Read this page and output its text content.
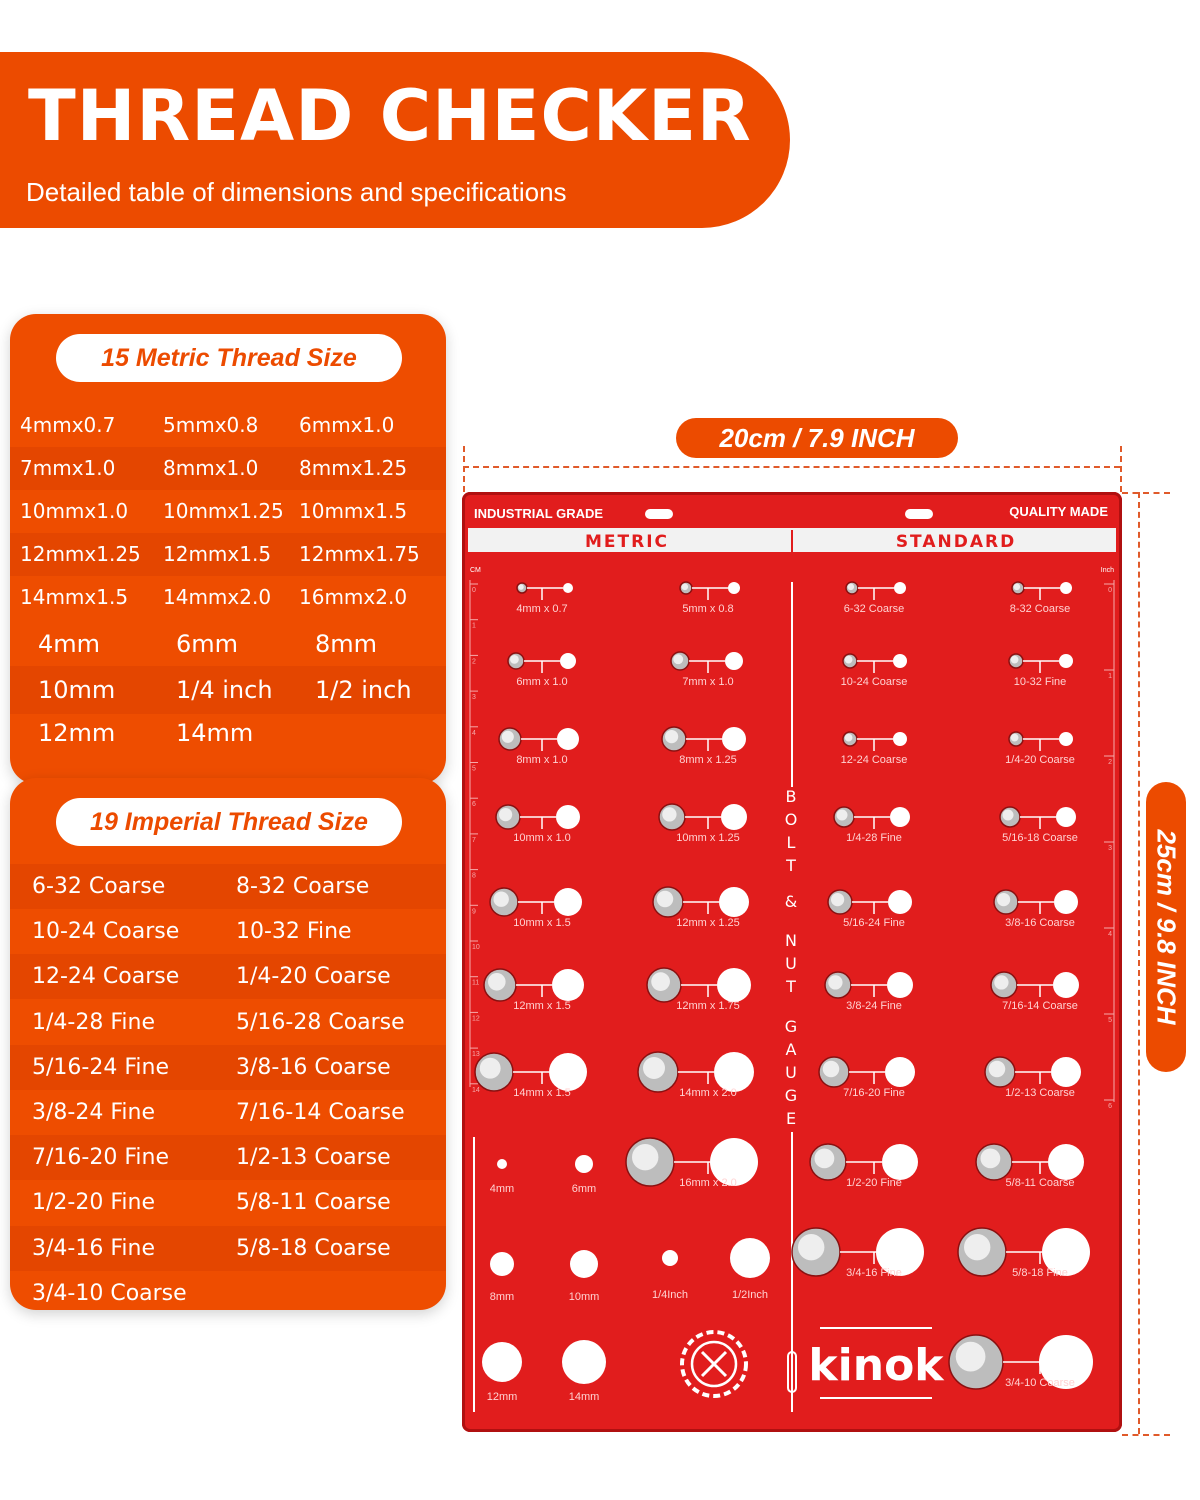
THREAD CHECKER

Detailed table of dimensions and specifications

15 Metric Thread Size
4mmx0.7 5mmx0.8 6mmx1.0
7mmx1.0 8mmx1.0 8mmx1.25
10mmx1.0 10mmx1.25 10mmx1.5
12mmx1.25 12mmx1.5 12mmx1.75
14mmx1.5 14mmx2.0 16mmx2.0
4mm	6mm	8mm
10mm	1/4 inch 1/2 inch
12mm	14mm
19 Imperial Thread Size
6-32 Coarse	8-32 Coarse
10-24 Coarse	10-32 Fine
12-24 Coarse	1/4-20 Coarse
1/4-28 Fine	5/16-28 Coarse
5/16-24 Fine	3/8-16 Coarse
3/8-24 Fine	7/16-14 Coarse
7/16-20 Fine	1/2-13 Coarse
1/2-20 Fine	5/8-11 Coarse
3/4-16 Fine	5/8-18 Coarse
3/4-10 Coarse
20cm / 7.9 INCH
25cm / 9.8 INCH
INDUSTRIAL GRADE	QUALITY MADE
METRIC	STANDARD
CM
0
1
2
3
4
5
6
7
8
9
10
11
12
13
14
Inch
0
1
2
3
4
5
6
B
O
L
T
&
N
U
T
G
A
U
G
E
4mm x 0.7	5mm x 0.8
6mm x 1.0	7mm x 1.0
8mm x 1.0	8mm x 1.25
10mm x 1.0	10mm x 1.25
10mm x 1.5	12mm x 1.25
12mm x 1.5	12mm x 1.75
14mm x 1.5	14mm x 2.0
6-32 Coarse	8-32 Coarse
10-24 Coarse	10-32 Fine
12-24 Coarse	1/4-20 Coarse
1/4-28 Fine	5/16-18 Coarse
5/16-24 Fine	3/8-16 Coarse
3/8-24 Fine	7/16-14 Coarse
7/16-20 Fine	1/2-13 Coarse
1/2-20 Fine	5/8-11 Coarse
3/4-16 Fine	5/8-18 Fine
3/4-10 Coarse
4mm	6mm	16mm x 2.0
8mm	10mm	1/4Inch	1/2Inch
12mm	14mm
kinok
